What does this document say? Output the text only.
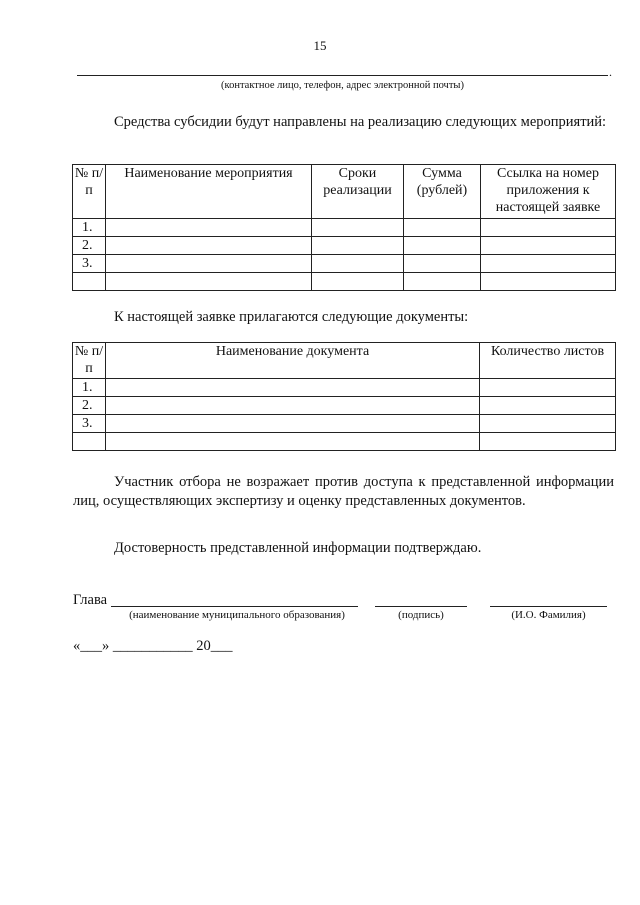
15
.
(контактное лицо, телефон, адрес электронной почты)
Средства субсидии будут направлены на реализацию следующих мероприятий:
№ п/п	Наименование мероприятия	Сроки реализации	Сумма (рублей)	Ссылка на номер приложения к настоящей заявке
1.				
2.				
3.				

К настоящей заявке прилагаются следующие документы:
№ п/п	Наименование документа	Количество листов
1.		
2.		
3.		

Участник отбора не возражает против доступа к представленной информации лиц, осуществляющих экспертизу и оценку представленных документов.
Достоверность представленной информации подтверждаю.
Глава
(наименование муниципального образования)	(подпись)	(И.О. Фамилия)
«___» ___________ 20___
